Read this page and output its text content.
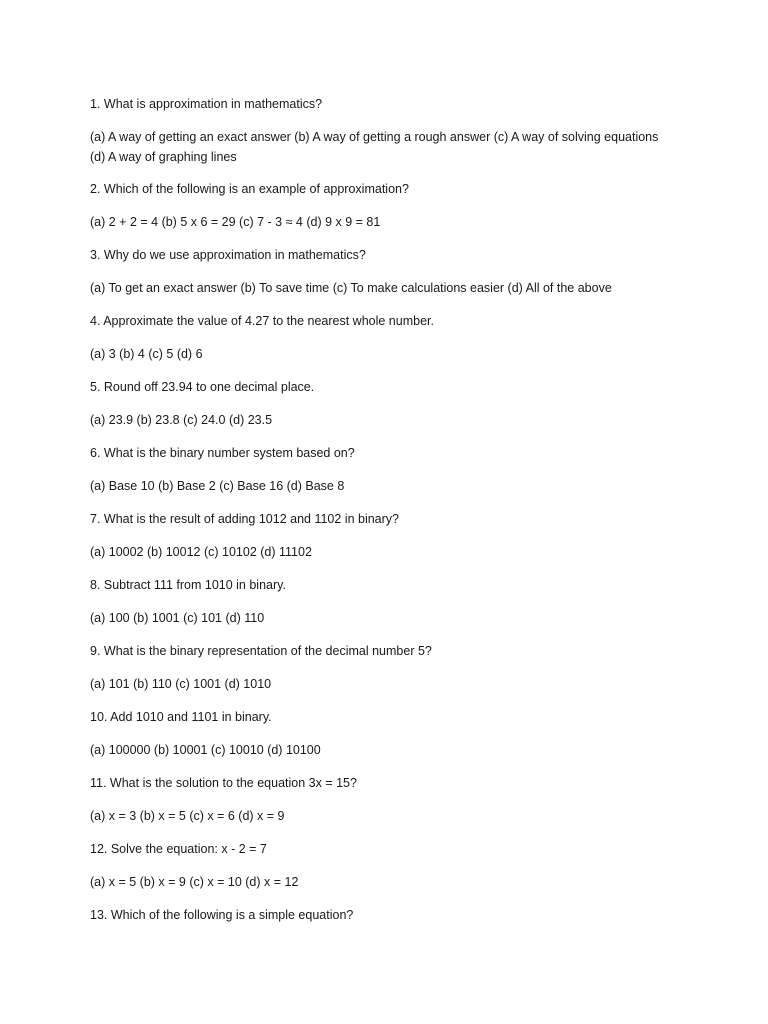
1. What is approximation in mathematics?
(a) A way of getting an exact answer (b) A way of getting a rough answer (c) A way of solving equations
(d) A way of graphing lines
2. Which of the following is an example of approximation?
(a) 2 + 2 = 4 (b) 5 x 6 = 29 (c) 7 - 3 ≈ 4 (d) 9 x 9 = 81
3. Why do we use approximation in mathematics?
(a) To get an exact answer (b) To save time (c) To make calculations easier (d) All of the above
4. Approximate the value of 4.27 to the nearest whole number.
(a) 3 (b) 4 (c) 5 (d) 6
5. Round off 23.94 to one decimal place.
(a) 23.9 (b) 23.8 (c) 24.0 (d) 23.5
6. What is the binary number system based on?
(a) Base 10 (b) Base 2 (c) Base 16 (d) Base 8
7. What is the result of adding 1012 and 1102 in binary?
(a) 10002 (b) 10012 (c) 10102 (d) 11102
8. Subtract 111 from 1010 in binary.
(a) 100 (b) 1001 (c) 101 (d) 110
9. What is the binary representation of the decimal number 5?
(a) 101 (b) 110 (c) 1001 (d) 1010
10. Add 1010 and 1101 in binary.
(a) 100000 (b) 10001 (c) 10010 (d) 10100
11. What is the solution to the equation 3x = 15?
(a) x = 3 (b) x = 5 (c) x = 6 (d) x = 9
12. Solve the equation: x - 2 = 7
(a) x = 5 (b) x = 9 (c) x = 10 (d) x = 12
13. Which of the following is a simple equation?
